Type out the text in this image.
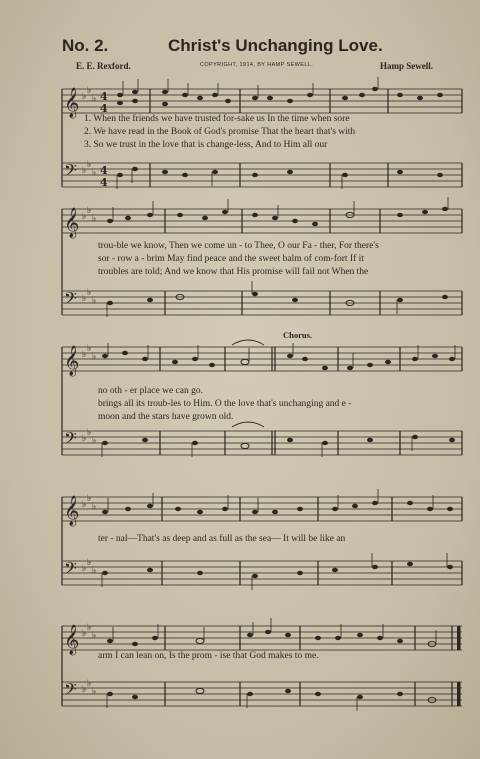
No. 2.	Christ's Unchanging Love.
E. E. Rexford.	COPYRIGHT, 1914, BY HAMP SEWELL.	Hamp Sewell.
𝄞
𝄢
♭
♭
♭
♭
♭
♭
4
4
4
4
1. When the friends we have trusted for-sake us In the time when sore
2. We have read in the Book of God's promise That the heart that's with
3. So we trust in the love that is change-less, And to Him all our
𝄞
𝄢
♭
♭
♭
♭
♭
♭
trou-ble we know, Then we come un - to Thee, O our Fa - ther, For there's
sor - row a - brim May find peace and the sweet balm of com-fort If it
troubles are told; And we know that His promise will fail not When the
Chorus.
𝄞
𝄢
♭
♭
♭
♭
♭
♭
no oth - er place we can go.
brings all its troub-les to Him. O the love that's unchanging and e -
moon and the stars have grown old.
𝄞
𝄢
♭
♭
♭
♭
♭
♭
ter - nal—That's as deep and as full as the sea— It will be like an
𝄞
𝄢
♭
♭
♭
♭
♭
♭
arm I can lean on, Is the prom - ise that God makes to me.
